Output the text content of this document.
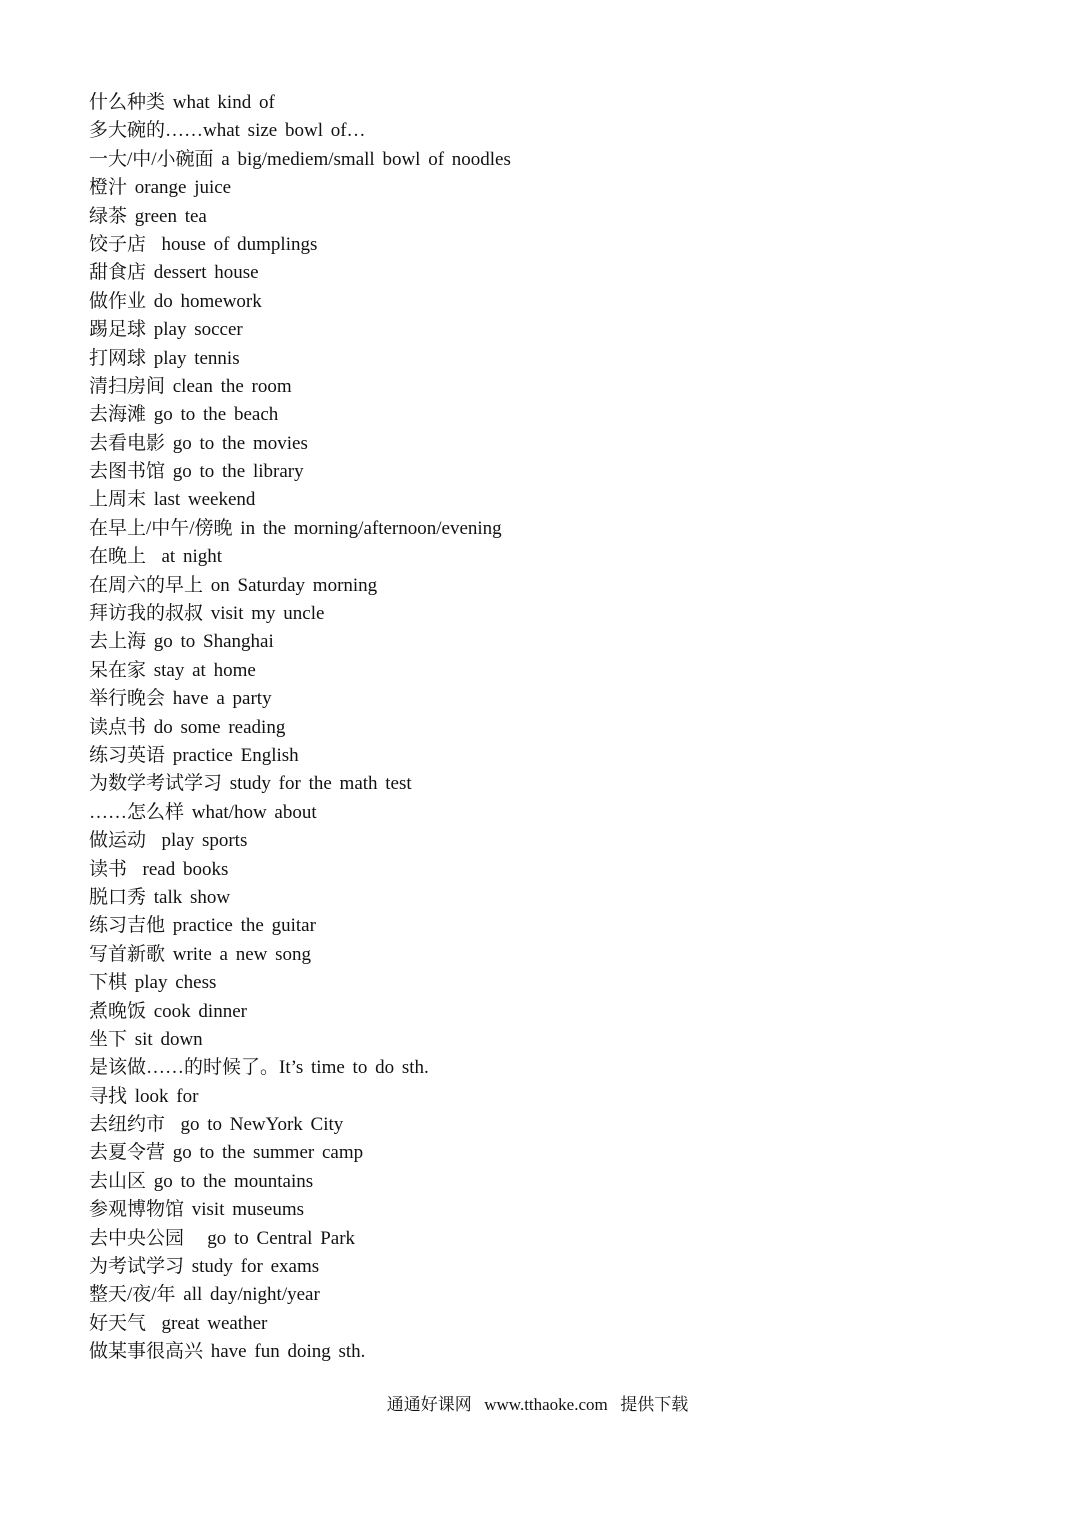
什么种类 what kind of
多大碗的……what size bowl of…
一大/中/小碗面 a big/mediem/small bowl of noodles
橙汁 orange juice
绿茶 green tea
饺子店  house of dumplings
甜食店 dessert house
做作业 do homework
踢足球 play soccer
打网球 play tennis
清扫房间 clean the room
去海滩 go to the beach
去看电影 go to the movies
去图书馆 go to the library
上周末 last weekend
在早上/中午/傍晚 in the morning/afternoon/evening
在晚上  at night
在周六的早上 on Saturday morning
拜访我的叔叔 visit my uncle
去上海 go to Shanghai
呆在家 stay at home
举行晚会 have a party
读点书 do some reading
练习英语 practice English
为数学考试学习 study for the math test
……怎么样 what/how about
做运动  play sports
读书  read books
脱口秀 talk show
练习吉他 practice the guitar
写首新歌 write a new song
下棋 play chess
煮晚饭 cook dinner
坐下 sit down
是该做……的时候了。It’s time to do sth.
寻找 look for
去纽约市  go to NewYork City
去夏令营 go to the summer camp
去山区 go to the mountains
参观博物馆 visit museums
去中央公园   go to Central Park
为考试学习 study for exams
整天/夜/年 all day/night/year
好天气  great weather
做某事很高兴 have fun doing sth.
通通好课网  www.tthaoke.com  提供下载
